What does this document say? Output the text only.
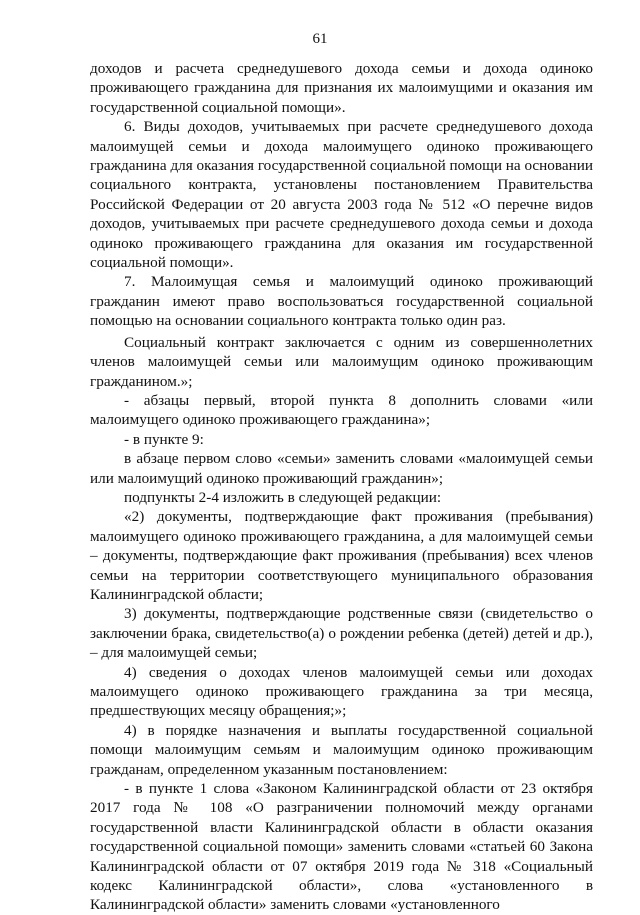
61

доходов и расчета среднедушевого дохода семьи и дохода одиноко проживающего гражданина для признания их малоимущими и оказания им государственной социальной помощи».

6. Виды доходов, учитываемых при расчете среднедушевого дохода малоимущей семьи и дохода малоимущего одиноко проживающего гражданина для оказания государственной социальной помощи на основании социального контракта, установлены постановлением Правительства Российской Федерации от 20 августа 2003 года № 512 «О перечне видов доходов, учитываемых при расчете среднедушевого дохода семьи и дохода одиноко проживающего гражданина для оказания им государственной социальной помощи».

7. Малоимущая семья и малоимущий одиноко проживающий гражданин имеют право воспользоваться государственной социальной помощью на основании социального контракта только один раз.

Социальный контракт заключается с одним из совершеннолетних членов малоимущей семьи или малоимущим одиноко проживающим гражданином.»;

- абзацы первый, второй пункта 8 дополнить словами «или малоимущего одиноко проживающего гражданина»;

- в пункте 9:

в абзаце первом слово «семьи» заменить словами «малоимущей семьи или малоимущий одиноко проживающий гражданин»;

подпункты 2-4 изложить в следующей редакции:

«2) документы, подтверждающие факт проживания (пребывания) малоимущего одиноко проживающего гражданина, а для малоимущей семьи – документы, подтверждающие факт проживания (пребывания) всех членов семьи на территории соответствующего муниципального образования Калининградской области;

3) документы, подтверждающие родственные связи (свидетельство о заключении брака, свидетельство(а) о рождении ребенка (детей) детей и др.), – для малоимущей семьи;

4) сведения о доходах членов малоимущей семьи или доходах малоимущего одиноко проживающего гражданина за три месяца, предшествующих месяцу обращения;»;

4) в порядке назначения и выплаты государственной социальной помощи малоимущим семьям и малоимущим одиноко проживающим гражданам, определенном указанным постановлением:

- в пункте 1 слова «Законом Калининградской области от 23 октября 2017 года № 108 «О разграничении полномочий между органами государственной власти Калининградской области в области оказания государственной социальной помощи» заменить словами «статьей 60 Закона Калининградской области от 07 октября 2019 года № 318 «Социальный кодекс Калининградской области», слова «установленного в Калининградской области» заменить словами «установленного
